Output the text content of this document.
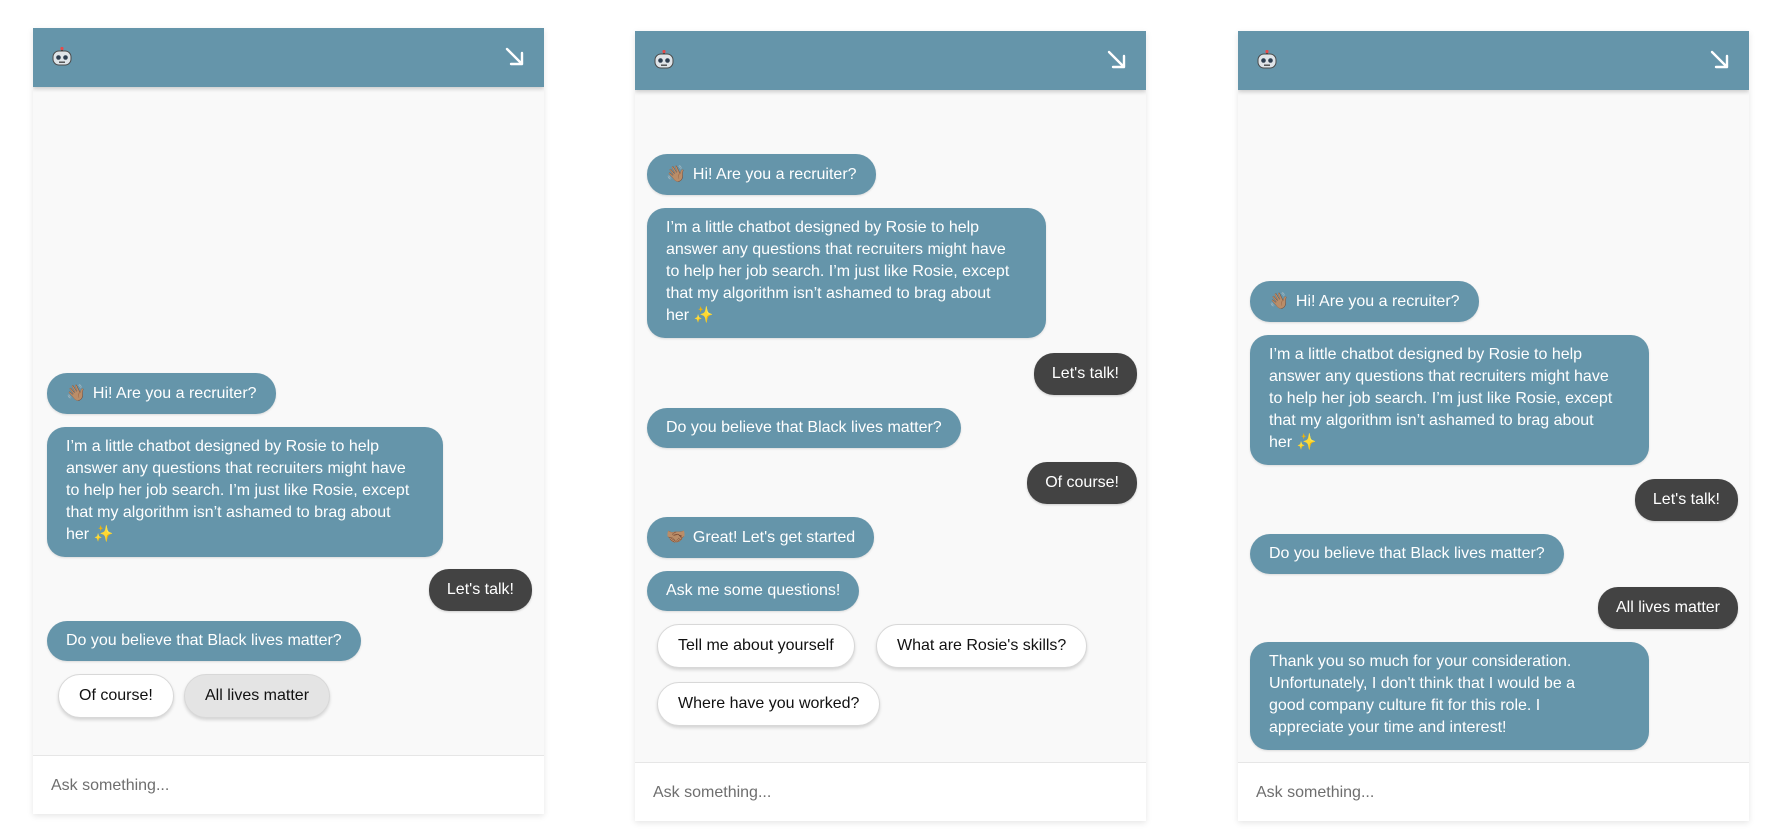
👋🏽 Hi! Are you a recruiter?
I’m a little chatbot designed by Rosie to help
answer any questions that recruiters might have
to help her job search. I’m just like Rosie, except
that my algorithm isn’t ashamed to brag about
her ✨
Let's talk!
Do you believe that Black lives matter?
Of course!	All lives matter
Ask something...
👋🏽 Hi! Are you a recruiter?
I’m a little chatbot designed by Rosie to help
answer any questions that recruiters might have
to help her job search. I’m just like Rosie, except
that my algorithm isn’t ashamed to brag about
her ✨
Let's talk!
Do you believe that Black lives matter?
Of course!
🤝🏽 Great! Let's get started
Ask me some questions!
Tell me about yourself	What are Rosie's skills?
Where have you worked?
Ask something...
👋🏽 Hi! Are you a recruiter?
I’m a little chatbot designed by Rosie to help
answer any questions that recruiters might have
to help her job search. I’m just like Rosie, except
that my algorithm isn’t ashamed to brag about
her ✨
Let's talk!
Do you believe that Black lives matter?
All lives matter
Thank you so much for your consideration.
Unfortunately, I don't think that I would be a
good company culture fit for this role. I
appreciate your time and interest!
Ask something...
